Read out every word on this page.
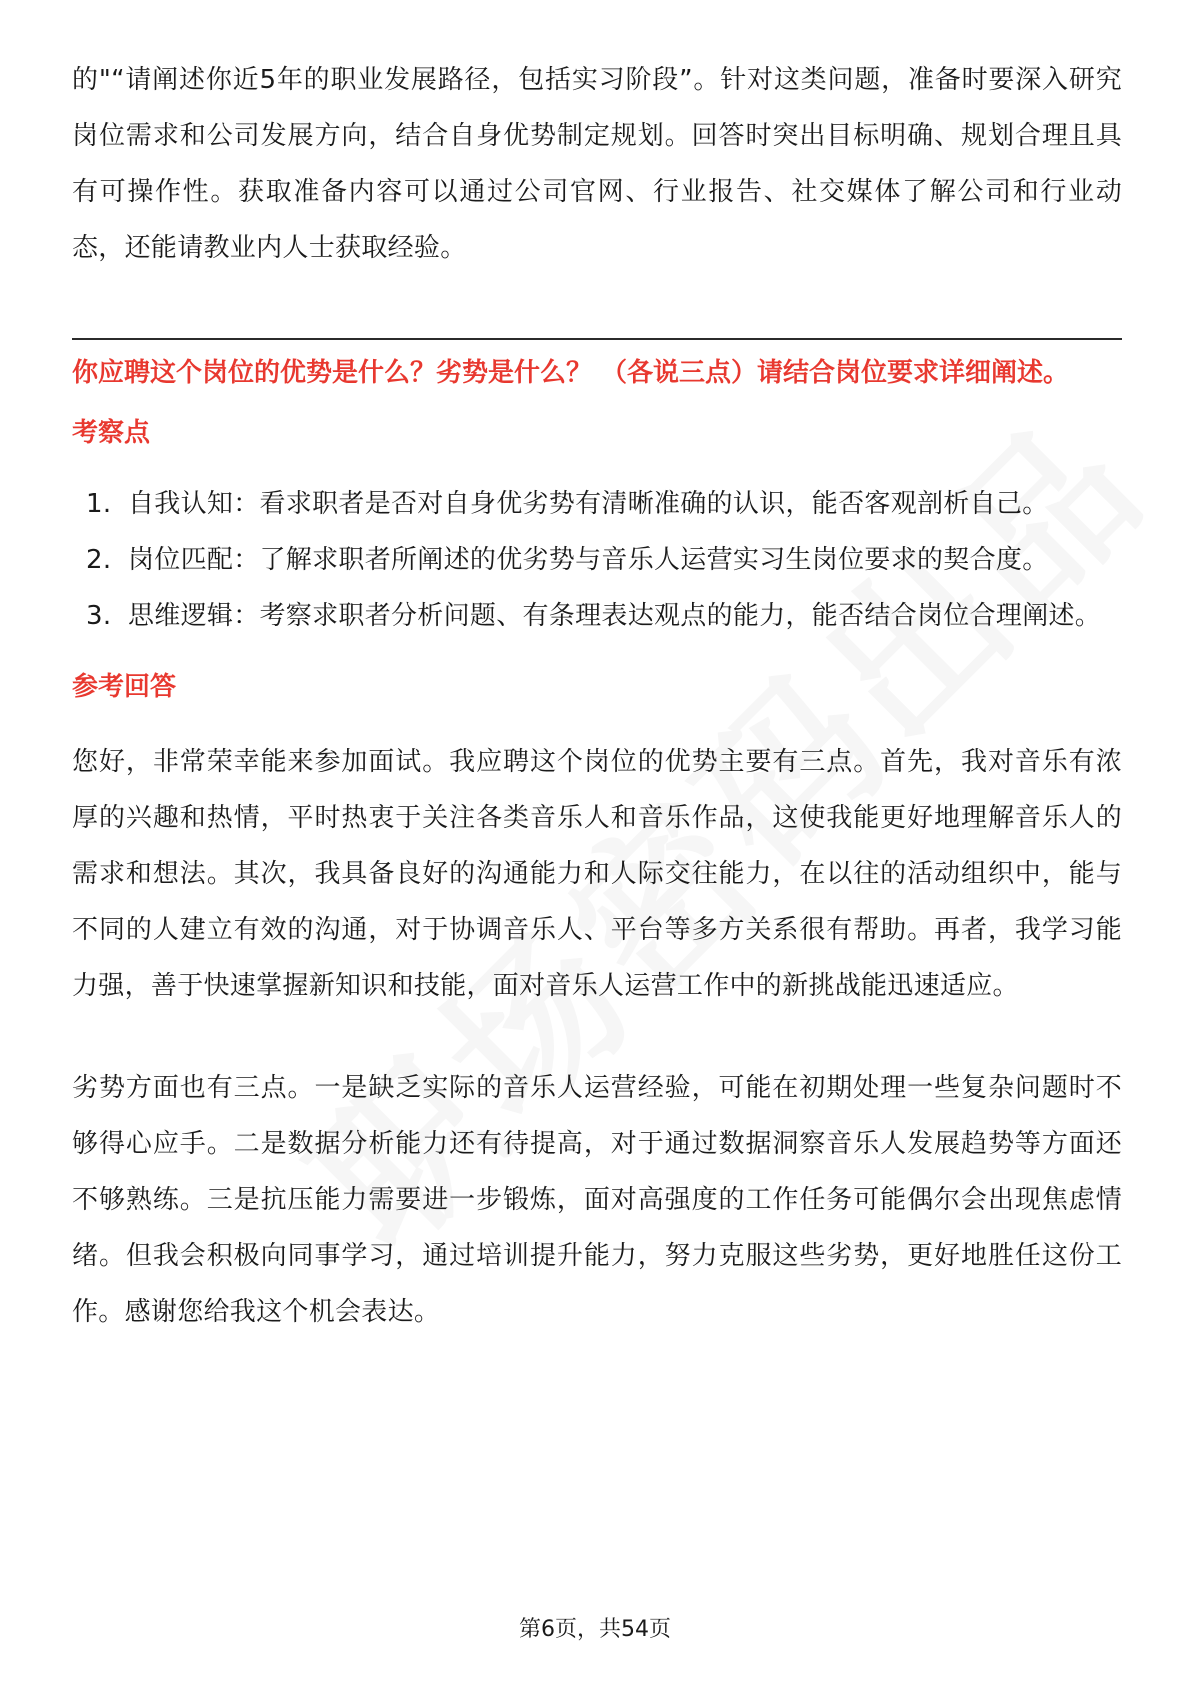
的"“请阐述你近5年的职业发展路径，包括实习阶段”。针对这类问题，准备时要深入研究岗位需求和公司发展方向，结合自身优势制定规划。回答时突出目标明确、规划合理且具有可操作性。获取准备内容可以通过公司官网、行业报告、社交媒体了解公司和行业动态，还能请教业内人士获取经验。

你应聘这个岗位的优势是什么？劣势是什么？ （各说三点）请结合岗位要求详细阐述。

考察点

1. 自我认知：看求职者是否对自身优劣势有清晰准确的认识，能否客观剖析自己。
2. 岗位匹配：了解求职者所阐述的优劣势与音乐人运营实习生岗位要求的契合度。
3. 思维逻辑：考察求职者分析问题、有条理表达观点的能力，能否结合岗位合理阐述。

参考回答

您好，非常荣幸能来参加面试。我应聘这个岗位的优势主要有三点。首先，我对音乐有浓厚的兴趣和热情，平时热衷于关注各类音乐人和音乐作品，这使我能更好地理解音乐人的需求和想法。其次，我具备良好的沟通能力和人际交往能力，在以往的活动组织中，能与不同的人建立有效的沟通，对于协调音乐人、平台等多方关系很有帮助。再者，我学习能力强，善于快速掌握新知识和技能，面对音乐人运营工作中的新挑战能迅速适应。

劣势方面也有三点。一是缺乏实际的音乐人运营经验，可能在初期处理一些复杂问题时不够得心应手。二是数据分析能力还有待提高，对于通过数据洞察音乐人发展趋势等方面还不够熟练。三是抗压能力需要进一步锻炼，面对高强度的工作任务可能偶尔会出现焦虑情绪。但我会积极向同事学习，通过培训提升能力，努力克服这些劣势，更好地胜任这份工作。感谢您给我这个机会表达。

第6页，共54页
